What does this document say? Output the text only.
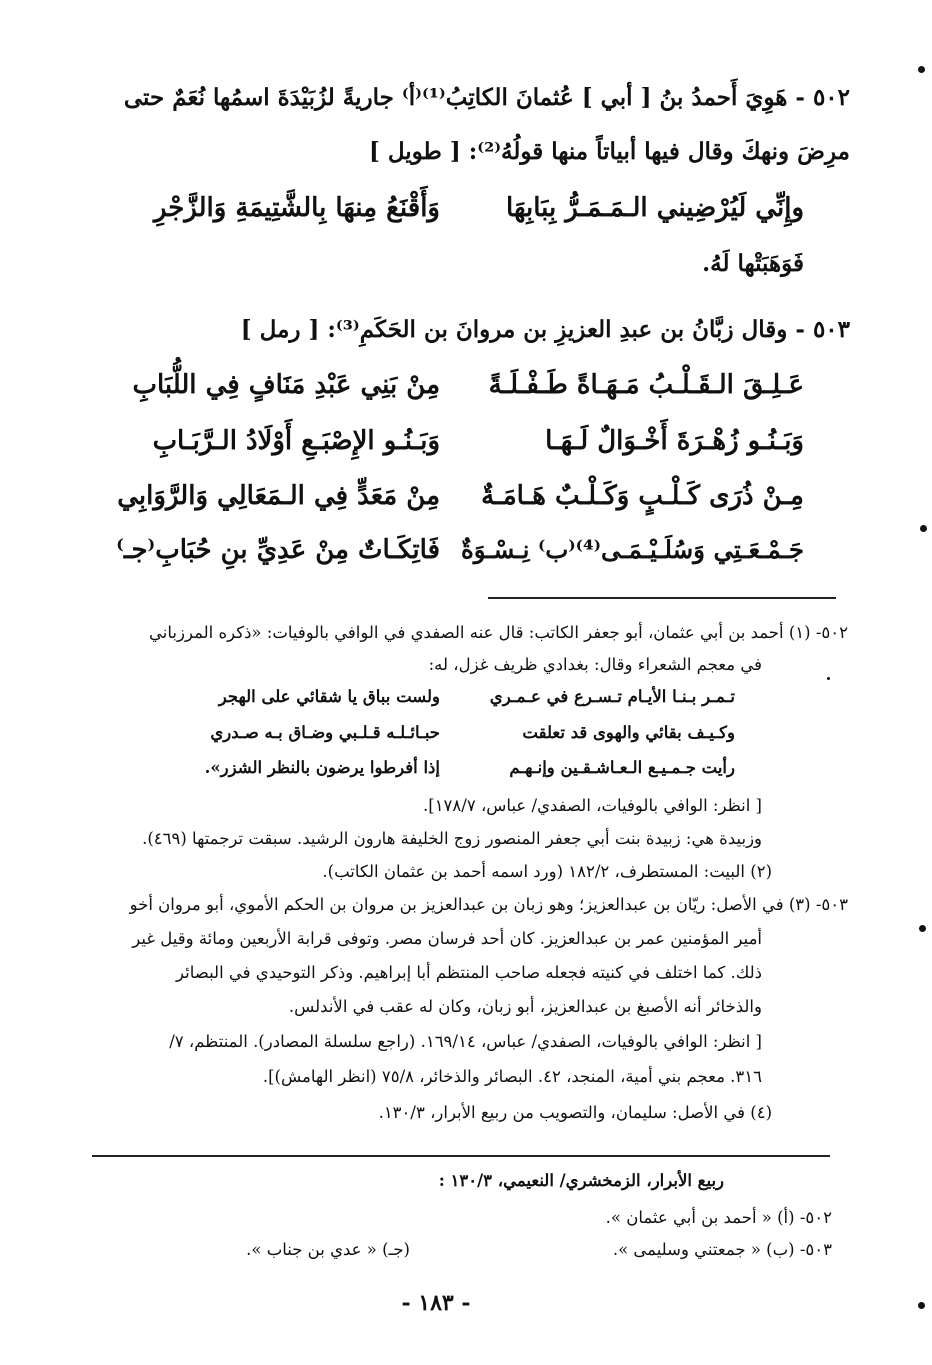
٥٠٢ - هَوِيَ أَحمدُ بنُ [ أبي ] عُثمانَ الكاتِبُ⁽¹⁾⁽أ⁾ جاريةً لزُبَيْدَةَ اسمُها نُعَمٌ حتى
مرِضَ ونهكَ وقال فيها أبياتاً منها قولُهُ⁽²⁾: [ طويل ]
وإِنِّي لَيُرْضِيني الـمَـمَـرُّ بِبَابِهَا
وَأَقْنَعُ مِنهَا بِالشَّتِيمَةِ وَالزَّجْرِ
فَوَهَبَتْها لَهُ.
٥٠٣ - وقال زبَّانُ بن عبدِ العزيزِ بن مروانَ بن الحَكَمِ⁽³⁾: [ رمل ]
عَـلِـقَ الـقَـلْـبُ مَـهَـاةً طَـفْـلَـةً
مِنْ بَنِي عَبْدِ مَنَافٍ فِي اللُّبَابِ
وَبَـنُـو زُهْـرَةَ أَخْـوَالٌ لَـهَـا
وَبَـنُـو الإِصْبَـعِ أَوْلَادُ الـرَّبَـابِ
مِـنْ ذُرَى كَـلْـبٍ وَكَـلْـبٌ هَـامَـةٌ
مِنْ مَعَدٍّ فِي الـمَعَالِي وَالرَّوَابِي
جَـمْـعَـتِي وَسُلَـيْـمَـى⁽⁴⁾⁽ب⁾ نِـسْـوَةٌ
فَاتِكَـاتٌ مِنْ عَدِيِّ بنِ حُبَابِ⁽جـ⁾
٥٠٢- (١) أحمد بن أبي عثمان، أبو جعفر الكاتب: قال عنه الصفدي في الوافي بالوفيات: «ذكره المرزباني
في معجم الشعراء وقال: بغدادي ظريف غزل، له:
تـمـر بـنـا الأيـام تـسـرع في عـمـري
ولست بباق يا شقائي على الهجر
وكـيـف بقائي والهوى قد تعلقت
حبـائـلـه قـلـبي وضـاق بـه صـدري
رأيت جـمـيـع الـعـاشـقـين وإنـهـم
إذا أفرطوا يرضون بالنظر الشزر».
[ انظر: الوافي بالوفيات، الصفدي/ عباس، ١٧٨/٧].
وزبيدة هي: زبيدة بنت أبي جعفر المنصور زوج الخليفة هارون الرشيد. سبقت ترجمتها (٤٦٩).
(٢) البيت: المستطرف، ١٨٢/٢ (ورد اسمه أحمد بن عثمان الكاتب).
٥٠٣- (٣) في الأصل: ريّان بن عبدالعزيز؛ وهو زبان بن عبدالعزيز بن مروان بن الحكم الأموي، أبو مروان أخو
أمير المؤمنين عمر بن عبدالعزيز. كان أحد فرسان مصر. وتوفى قرابة الأربعين ومائة وقيل غير
ذلك. كما اختلف في كنيته فجعله صاحب المنتظم أبا إبراهيم. وذكر التوحيدي في البصائر
والذخائر أنه الأصبغ بن عبدالعزيز، أبو زبان، وكان له عقب في الأندلس.
[ انظر: الوافي بالوفيات، الصفدي/ عباس، ١٦٩/١٤. (راجع سلسلة المصادر). المنتظم، ٧/
٣١٦. معجم بني أمية، المنجد، ٤٢. البصائر والذخائر، ٧٥/٨ (انظر الهامش)].
(٤) في الأصل: سليمان، والتصويب من ربيع الأبرار، ١٣٠/٣.
ربيع الأبرار، الزمخشري/ النعيمي، ١٣٠/٣ :
٥٠٢- (أ) « أحمد بن أبي عثمان ».
٥٠٣- (ب) « جمعتني وسليمى ».
(جـ) « عدي بن جناب ».
- ١٨٣ -
